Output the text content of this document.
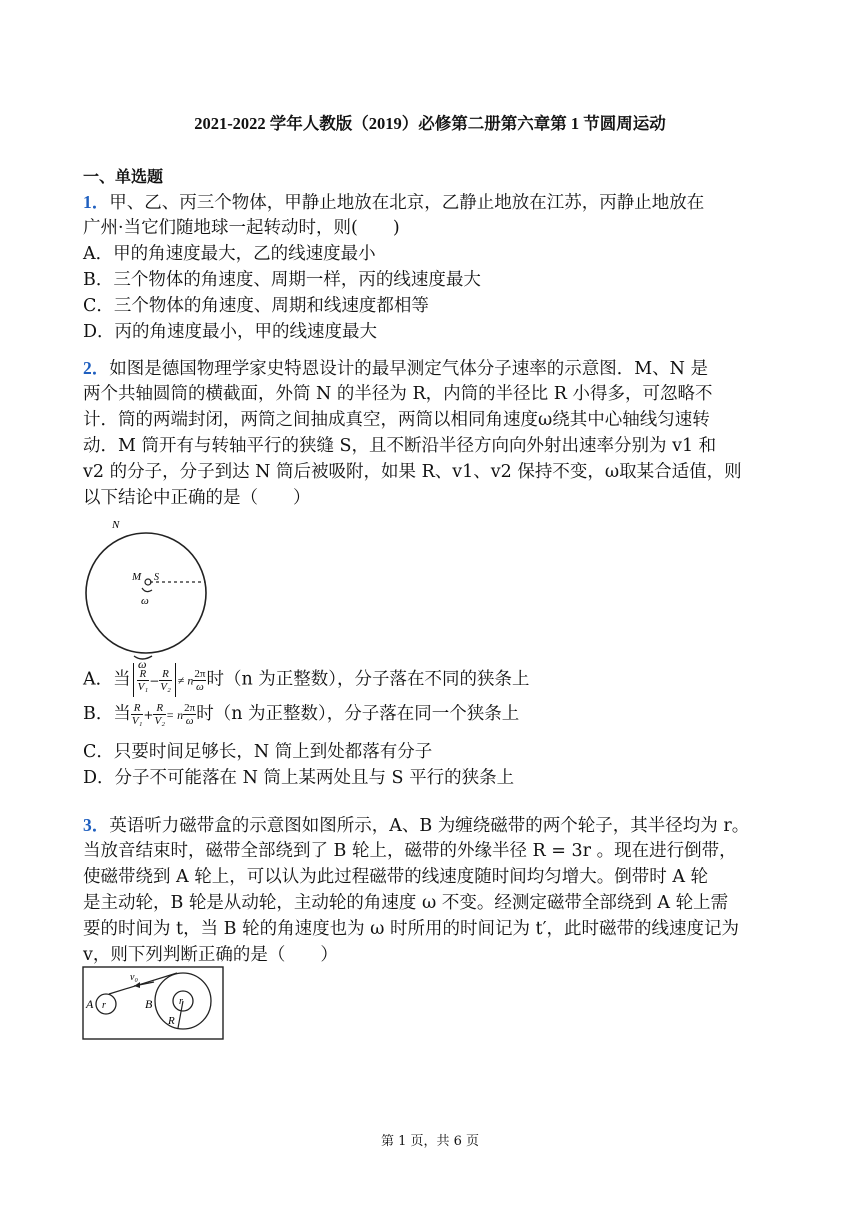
2021-2022 学年人教版（2019）必修第二册第六章第 1 节圆周运动
一、单选题
1．甲、乙、丙三个物体，甲静止地放在北京，乙静止地放在江苏，丙静止地放在
广州·当它们随地球一起转动时，则(　　)
A．甲的角速度最大，乙的线速度最小
B．三个物体的角速度、周期一样，丙的线速度最大
C．三个物体的角速度、周期和线速度都相等
D．丙的角速度最小，甲的线速度最大
2．如图是德国物理学家史特恩设计的最早测定气体分子速率的示意图．M、N 是
两个共轴圆筒的横截面，外筒 N 的半径为 R，内筒的半径比 R 小得多，可忽略不
计．筒的两端封闭，两筒之间抽成真空，两筒以相同角速度ω绕其中心轴线匀速转
动．M 筒开有与转轴平行的狭缝 S，且不断沿半径方向向外射出速率分别为 v1 和
v2 的分子，分子到达 N 筒后被吸附，如果 R、v1、v2 保持不变，ω取某合适值，则
以下结论中正确的是（　　）
N
M S
ω
ω
A．当 $\frac{R}{\text{V₁}} - \frac{R}{\text{V₂}} \ne n \frac{2\pi}{\omega}$ 时（n 为正整数），分子落在不同的狭条上
B．当 $\frac{R}{\text{V₁}} + \frac{R}{\text{V₂}} = n \frac{2\pi}{\omega}$ 时（n 为正整数），分子落在同一个狭条上
C．只要时间足够长，N 筒上到处都落有分子
D．分子不可能落在 N 筒上某两处且与 S 平行的狭条上
3．英语听力磁带盒的示意图如图所示，A、B 为缠绕磁带的两个轮子，其半径均为 r。
当放音结束时，磁带全部绕到了 B 轮上，磁带的外缘半径 R = 3r 。现在进行倒带，
使磁带绕到 A 轮上，可以认为此过程磁带的线速度随时间均匀增大。倒带时 A 轮
是主动轮，B 轮是从动轮，主动轮的角速度 ω 不变。经测定磁带全部绕到 A 轮上需
要的时间为 t，当 B 轮的角速度也为 ω 时所用的时间记为 t′，此时磁带的线速度记为
v，则下列判断正确的是（　　）
v₀
A r	B	r
R
第 1 页，共 6 页
